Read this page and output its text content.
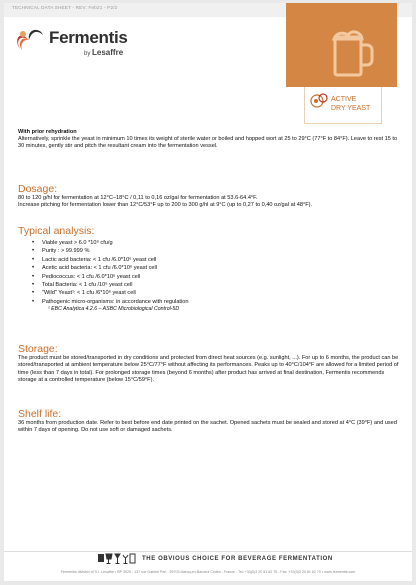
TECHNICAL DATA SHEET - REV: Feb21 - P2/2
Fermentis
by Lesaffre
ACTIVE
DRY YEAST

With prior rehydration

Alternatively, sprinkle the yeast in minimum 10 times its weight of sterile water or boiled and hopped wort at 25 to 29°C (77°F to 84°F). Leave to rest 15 to 30 minutes, gently stir and pitch the resultant cream into the fermentation vessel.

Dosage:

80 to 120 g/hl for fermentation at 12°C–18°C / 0,11 to 0,16 oz/gal for fermentation at 53.6-64.4°F.

Increase pitching for fermentation lower than 12°C/53°F up to 200 to 300 g/hl at 9°C (up to 0,27 to 0,40 oz/gal at 48°F).

Typical analysis:
• Viable yeast > 6.0 *10⁹ cfu/g
• Purity : > 99.999 %
• Lactic acid bacteria: < 1 cfu /6.0*10⁶ yeast cell
• Acetic acid bacteria: < 1 cfu /6.0*10⁶ yeast cell
• Pediococcus: < 1 cfu /6.0*10⁶ yeast cell
• Total Bacteria: < 1 cfu /10⁶ yeast cell
• "Wild" Yeast¹: < 1 cfu /6*10⁶ yeast cell
• Pathogenic micro-organisms: in accordance with regulation
¹ EBC Analytica 4.2.6 – ASBC Microbiological Control-5D
Storage:

The product must be stored/transported in dry conditions and protected from direct heat sources (e.g. sunlight, ...). For up to 6 months, the product can be stored/transported at ambient temperature below 25°C/77°F without affecting its performances. Peaks up to 40°C/104°F are allowed for a limited period of time (less than 7 days in total). For prolonged storage times (beyond 6 months) after product has arrived at final destination, Fermentis recommends storage at a controlled temperature (below 15°C/59°F).

Shelf life:

36 months from production date. Refer to best before end date printed on the sachet. Opened sachets must be sealed and stored at 4°C (39°F) and used within 7 days of opening. Do not use soft or damaged sachets.

THE OBVIOUS CHOICE FOR BEVERAGE FERMENTATION
Fermentis division of S.I. Lesaffre • BP 3029 - 137 rue Gabriel Péri - 59703 Marcq-en-Baroeul Cedex - France - Tel: +33(0)3 20 81 62 75 - Fax: +33(0)3 20 81 62 70 • www.fermentis.com
